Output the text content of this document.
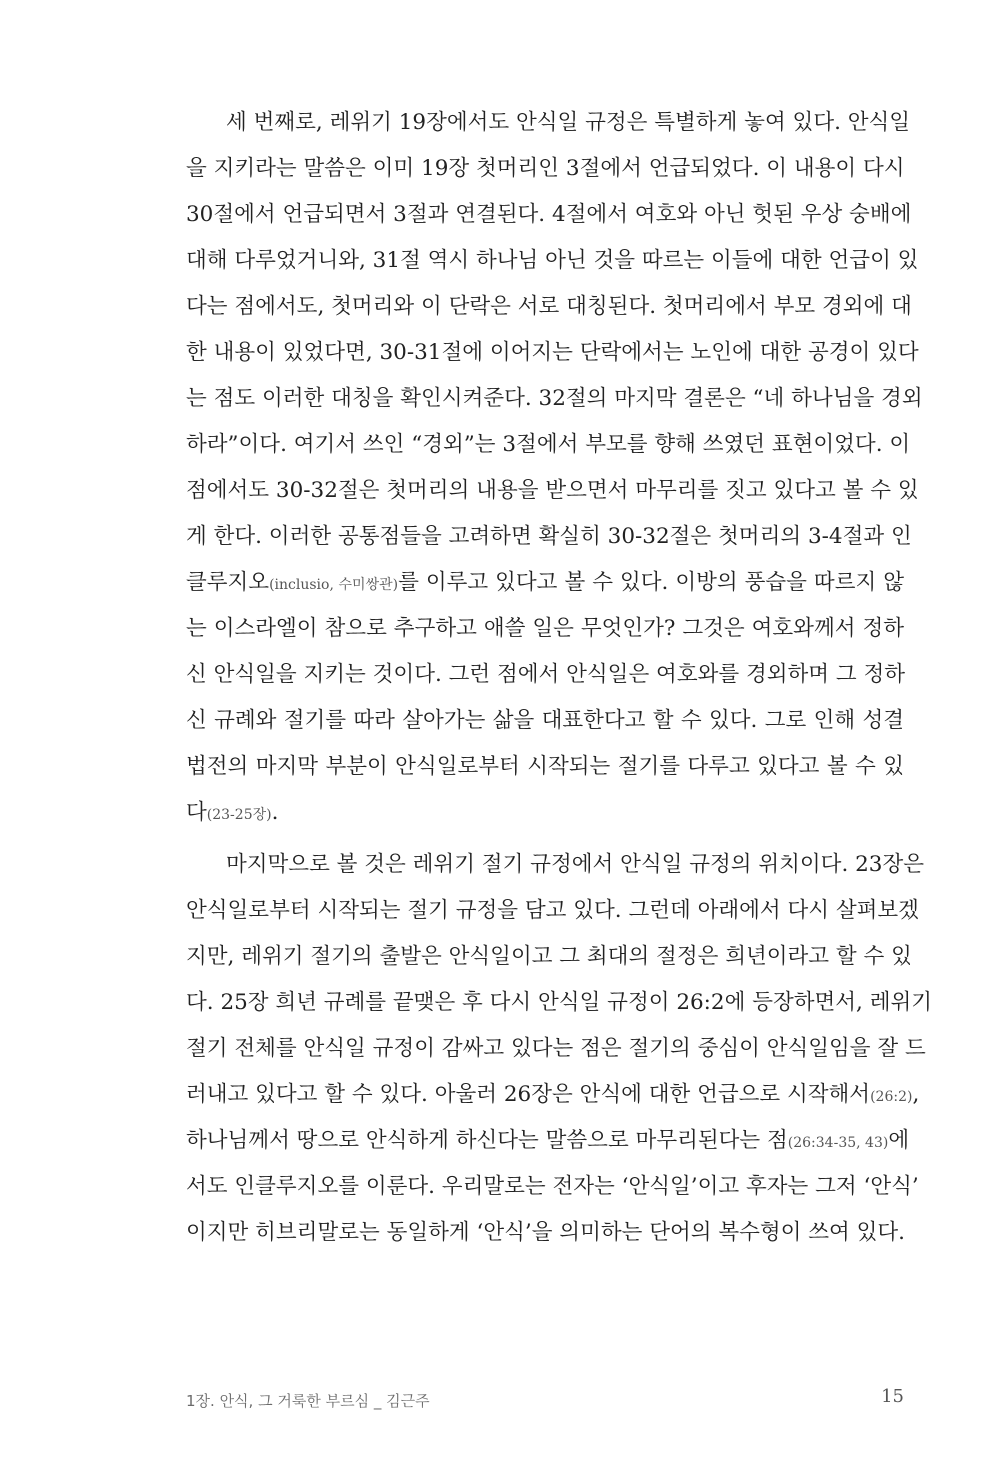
세 번째로, 레위기 19장에서도 안식일 규정은 특별하게 놓여 있다. 안식일
을 지키라는 말씀은 이미 19장 첫머리인 3절에서 언급되었다. 이 내용이 다시
30절에서 언급되면서 3절과 연결된다. 4절에서 여호와 아닌 헛된 우상 숭배에
대해 다루었거니와, 31절 역시 하나님 아닌 것을 따르는 이들에 대한 언급이 있
다는 점에서도, 첫머리와 이 단락은 서로 대칭된다. 첫머리에서 부모 경외에 대
한 내용이 있었다면, 30-31절에 이어지는 단락에서는 노인에 대한 공경이 있다
는 점도 이러한 대칭을 확인시켜준다. 32절의 마지막 결론은 “네 하나님을 경외
하라”이다. 여기서 쓰인 “경외”는 3절에서 부모를 향해 쓰였던 표현이었다. 이
점에서도 30-32절은 첫머리의 내용을 받으면서 마무리를 짓고 있다고 볼 수 있
게 한다. 이러한 공통점들을 고려하면 확실히 30-32절은 첫머리의 3-4절과 인
클루지오(inclusio, 수미쌍관)를 이루고 있다고 볼 수 있다. 이방의 풍습을 따르지 않
는 이스라엘이 참으로 추구하고 애쓸 일은 무엇인가? 그것은 여호와께서 정하
신 안식일을 지키는 것이다. 그런 점에서 안식일은 여호와를 경외하며 그 정하
신 규례와 절기를 따라 살아가는 삶을 대표한다고 할 수 있다. 그로 인해 성결
법전의 마지막 부분이 안식일로부터 시작되는 절기를 다루고 있다고 볼 수 있
다(23-25장).
마지막으로 볼 것은 레위기 절기 규정에서 안식일 규정의 위치이다. 23장은
안식일로부터 시작되는 절기 규정을 담고 있다. 그런데 아래에서 다시 살펴보겠
지만, 레위기 절기의 출발은 안식일이고 그 최대의 절정은 희년이라고 할 수 있
다. 25장 희년 규례를 끝맺은 후 다시 안식일 규정이 26:2에 등장하면서, 레위기
절기 전체를 안식일 규정이 감싸고 있다는 점은 절기의 중심이 안식일임을 잘 드
러내고 있다고 할 수 있다. 아울러 26장은 안식에 대한 언급으로 시작해서(26:2),
하나님께서 땅으로 안식하게 하신다는 말씀으로 마무리된다는 점(26:34-35, 43)에
서도 인클루지오를 이룬다. 우리말로는 전자는 ‘안식일’이고 후자는 그저 ‘안식’
이지만 히브리말로는 동일하게 ‘안식’을 의미하는 단어의 복수형이 쓰여 있다.
1장. 안식, 그 거룩한 부르심 _ 김근주	15
